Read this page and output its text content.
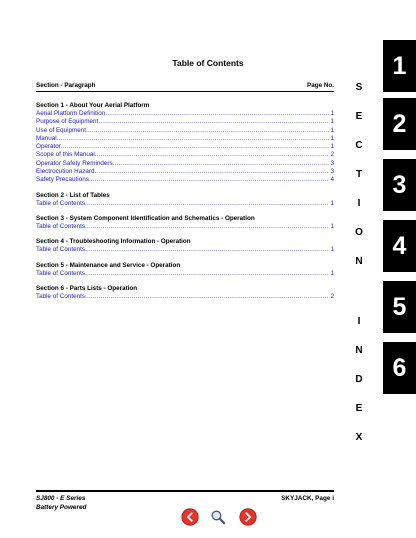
Table of Contents
Section - Paragraph	Page No.
Section 1 - About Your Aerial Platform
Aerial Platform Definition .....	1
Purpose of Equipment .....	1
Use of Equipment .....	1
Manual .....	1
Operator .....	1
Scope of this Manual .....	2
Operator Safety Reminders .....	3
Electrocution Hazard .....	3
Safety Precautions .....	4
Section 2 - List of Tables
Table of Contents .....	1
Section 3 - System Component Identification and Schematics - Operation
Table of Contents .....	1
Section 4 - Troubleshooting Information - Operation
Table of Contents .....	1
Section 5 - Maintenance and Service - Operation
Table of Contents .....	1
Section 6 - Parts Lists - Operation
Table of Contents .....	2
S
E
C
T
I
O
N
I
N
D
E
X
1
2
3
4
5
6
SJ800 - E Series
Battery Powered
SKYJACK, Page i
